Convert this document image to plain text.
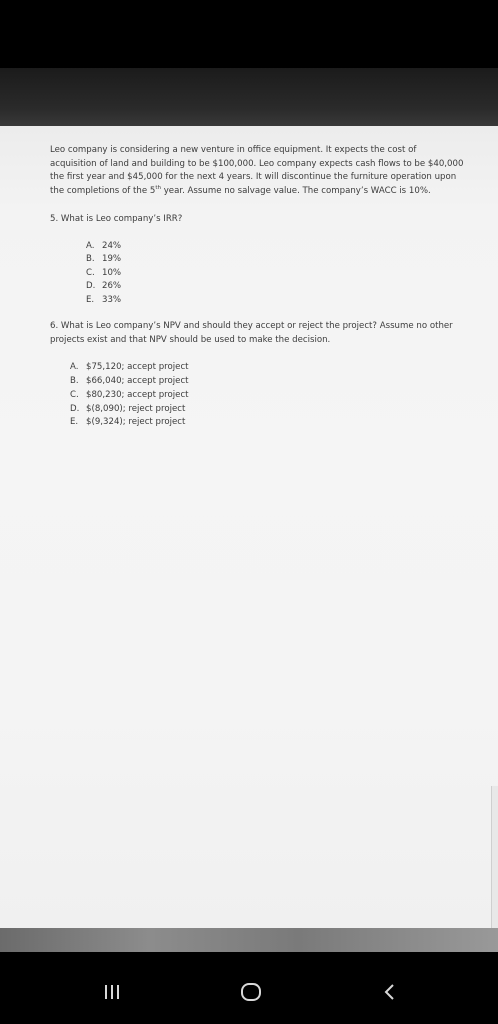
Leo company is considering a new venture in office equipment. It expects the cost of
acquisition of land and building to be $100,000. Leo company expects cash flows to be $40,000
the first year and $45,000 for the next 4 years. It will discontinue the furniture operation upon
the completions of the 5th year. Assume no salvage value. The company’s WACC is 10%.

5. What is Leo company’s IRR?

A. 24%
B. 19%
C. 10%
D. 26%
E. 33%

6. What is Leo company’s NPV and should they accept or reject the project? Assume no other
projects exist and that NPV should be used to make the decision.

A. $75,120; accept project
B. $66,040; accept project
C. $80,230; accept project
D. $(8,090); reject project
E. $(9,324); reject project
